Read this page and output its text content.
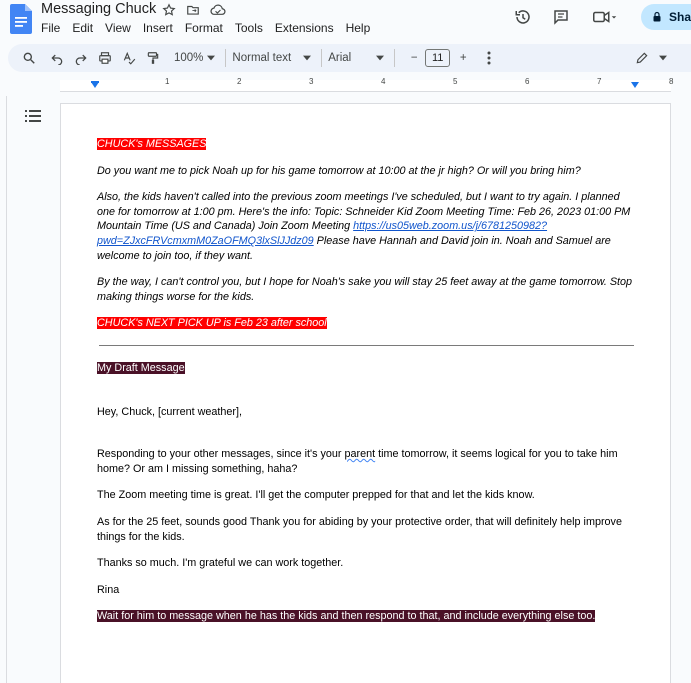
Messaging Chuck
File	Edit	View	Insert	Format	Tools	Extensions	Help
Sha
100%	Normal text	Arial	−	11	+
1	2	3	4	5	6	7	8
CHUCK's MESSAGES
Do you want me to pick Noah up for his game tomorrow at 10:00 at the jr high? Or will you bring him?
Also, the kids haven't called into the previous zoom meetings I've scheduled, but I want to try again. I planned one for tomorrow at 1:00 pm. Here's the info: Topic: Schneider Kid Zoom Meeting Time: Feb 26, 2023 01:00 PM Mountain Time (US and Canada) Join Zoom Meeting https://us05web.zoom.us/j/6781250982?pwd=ZJxcFRVcmxmM0ZaOFMQ3lxSlJJdz09 Please have Hannah and David join in. Noah and Samuel are welcome to join too, if they want.
By the way, I can't control you, but I hope for Noah's sake you will stay 25 feet away at the game tomorrow. Stop making things worse for the kids.
CHUCK's NEXT PICK UP is Feb 23 after school
My Draft Message
Hey, Chuck, [current weather],
Responding to your other messages, since it's your parent time tomorrow, it seems logical for you to take him home? Or am I missing something, haha?
The Zoom meeting time is great. I'll get the computer prepped for that and let the kids know.
As for the 25 feet, sounds good Thank you for abiding by your protective order, that will definitely help improve things for the kids.
Thanks so much. I'm grateful we can work together.
Rina
Wait for him to message when he has the kids and then respond to that, and include everything else too.
